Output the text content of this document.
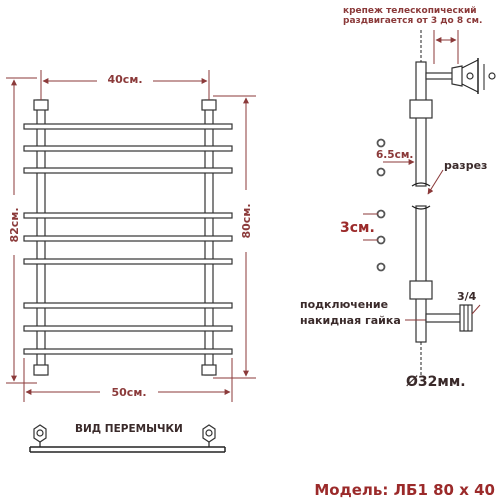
40см.
50см.
82см.	80см.
ВИД ПЕРЕМЫЧКИ
крепеж телескопический
раздвигается от 3 до 8 см.
6.5см.
разрез
3см.
подключение
накидная гайка
3/4
Ø32мм.
Модель: ЛБ1 80 х 40
